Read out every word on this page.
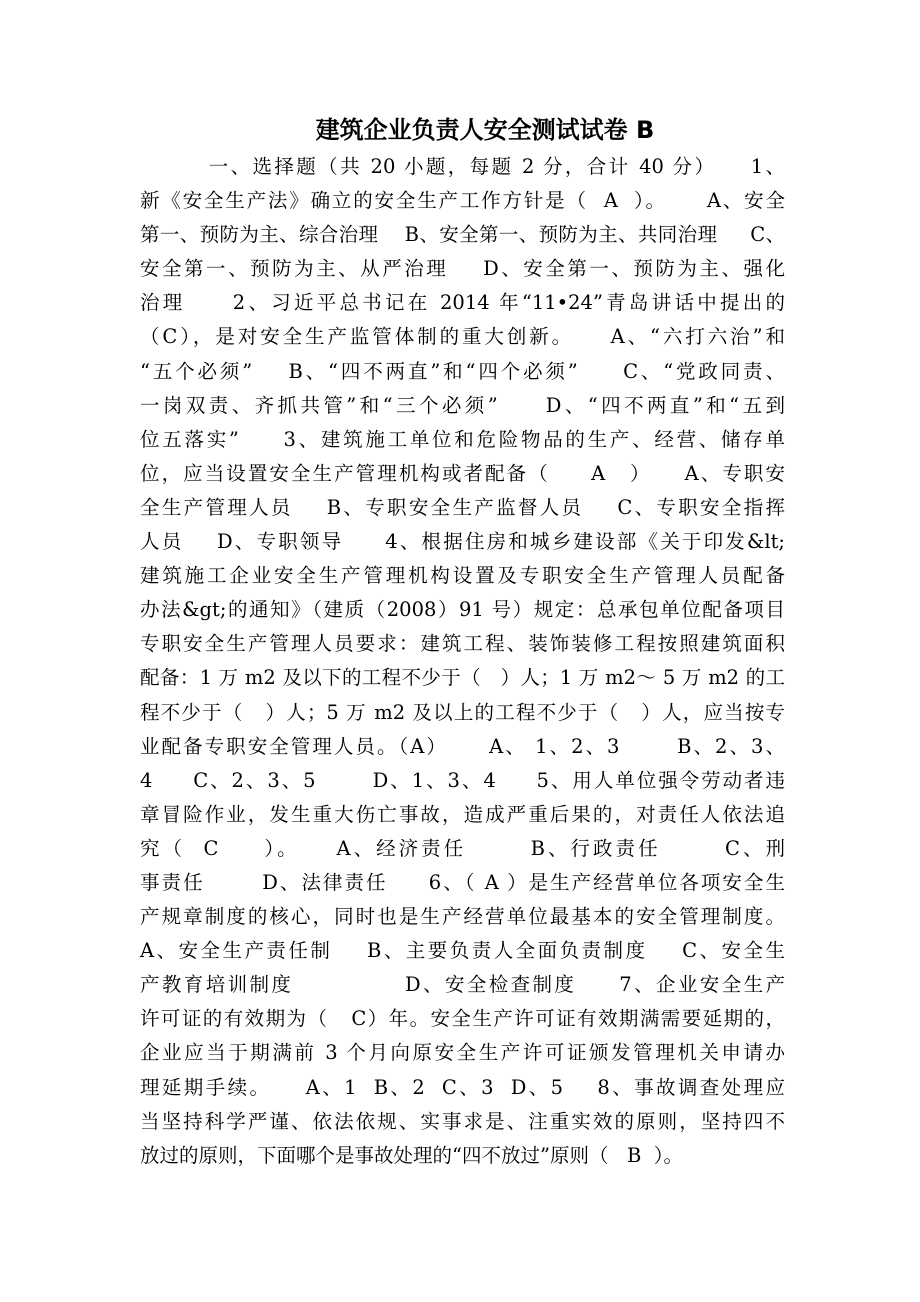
建筑企业负责人安全测试试卷 B
一、选择题（共 20 小题，每题 2 分，合计 40 分）    1、
新《安全生产法》确立的安全生产工作方针是（  A  ）。     A、安全
第一、预防为主、综合治理    B、安全第一、预防为主、共同治理     C、
安全第一、预防为主、从严治理    D、安全第一、预防为主、强化
治理     2、习近平总书记在 2014 年“11•24”青岛讲话中提出的
（C），是对安全生产监管体制的重大创新。    A、“六打六治”和
“五个必须”    B、“四不两直”和“四个必须”     C、“党政同责、
一岗双责、齐抓共管”和“三个必须”     D、“四不两直”和“五到
位五落实”     3、建筑施工单位和危险物品的生产、经营、储存单
位，应当设置安全生产管理机构或者配备（     A   ）    A、专职安
全生产管理人员    B、专职安全生产监督人员    C、专职安全指挥
人员    D、专职领导     4、根据住房和城乡建设部《关于印发&lt;
建筑施工企业安全生产管理机构设置及专职安全生产管理人员配备
办法&gt;的通知》（建质（2008）91 号）规定：总承包单位配备项目
专职安全生产管理人员要求：建筑工程、装饰装修工程按照建筑面积
配备：1 万 m2 及以下的工程不少于（   ）人；1 万 m2～ 5 万 m2 的工
程不少于（   ）人；5 万 m2 及以上的工程不少于（   ）人，应当按专
业配备专职安全管理人员。（A）     A、 1、2、3       B、2、3、
4     C、2、3、5       D、1、3、4     5、用人单位强令劳动者违
章冒险作业，发生重大伤亡事故，造成严重后果的，对责任人依法追
究（  C     ）。    A、经济责任       B、行政责任       C、刑
事责任       D、法律责任     6、（ A ）是生产经营单位各项安全生
产规章制度的核心，同时也是生产经营单位最基本的安全管理制度。
A、安全生产责任制    B、主要负责人全面负责制度    C、安全生
产教育培训制度             D、安全检查制度     7、企业安全生产
许可证的有效期为（   C）年。安全生产许可证有效期满需要延期的，
企业应当于期满前 3 个月向原安全生产许可证颁发管理机关申请办
理延期手续。    A、1  B、2  C、3  D、5    8、事故调查处理应
当坚持科学严谨、依法依规、实事求是、注重实效的原则，坚持四不
放过的原则，下面哪个是事故处理的“四不放过”原则（   B  ）。
